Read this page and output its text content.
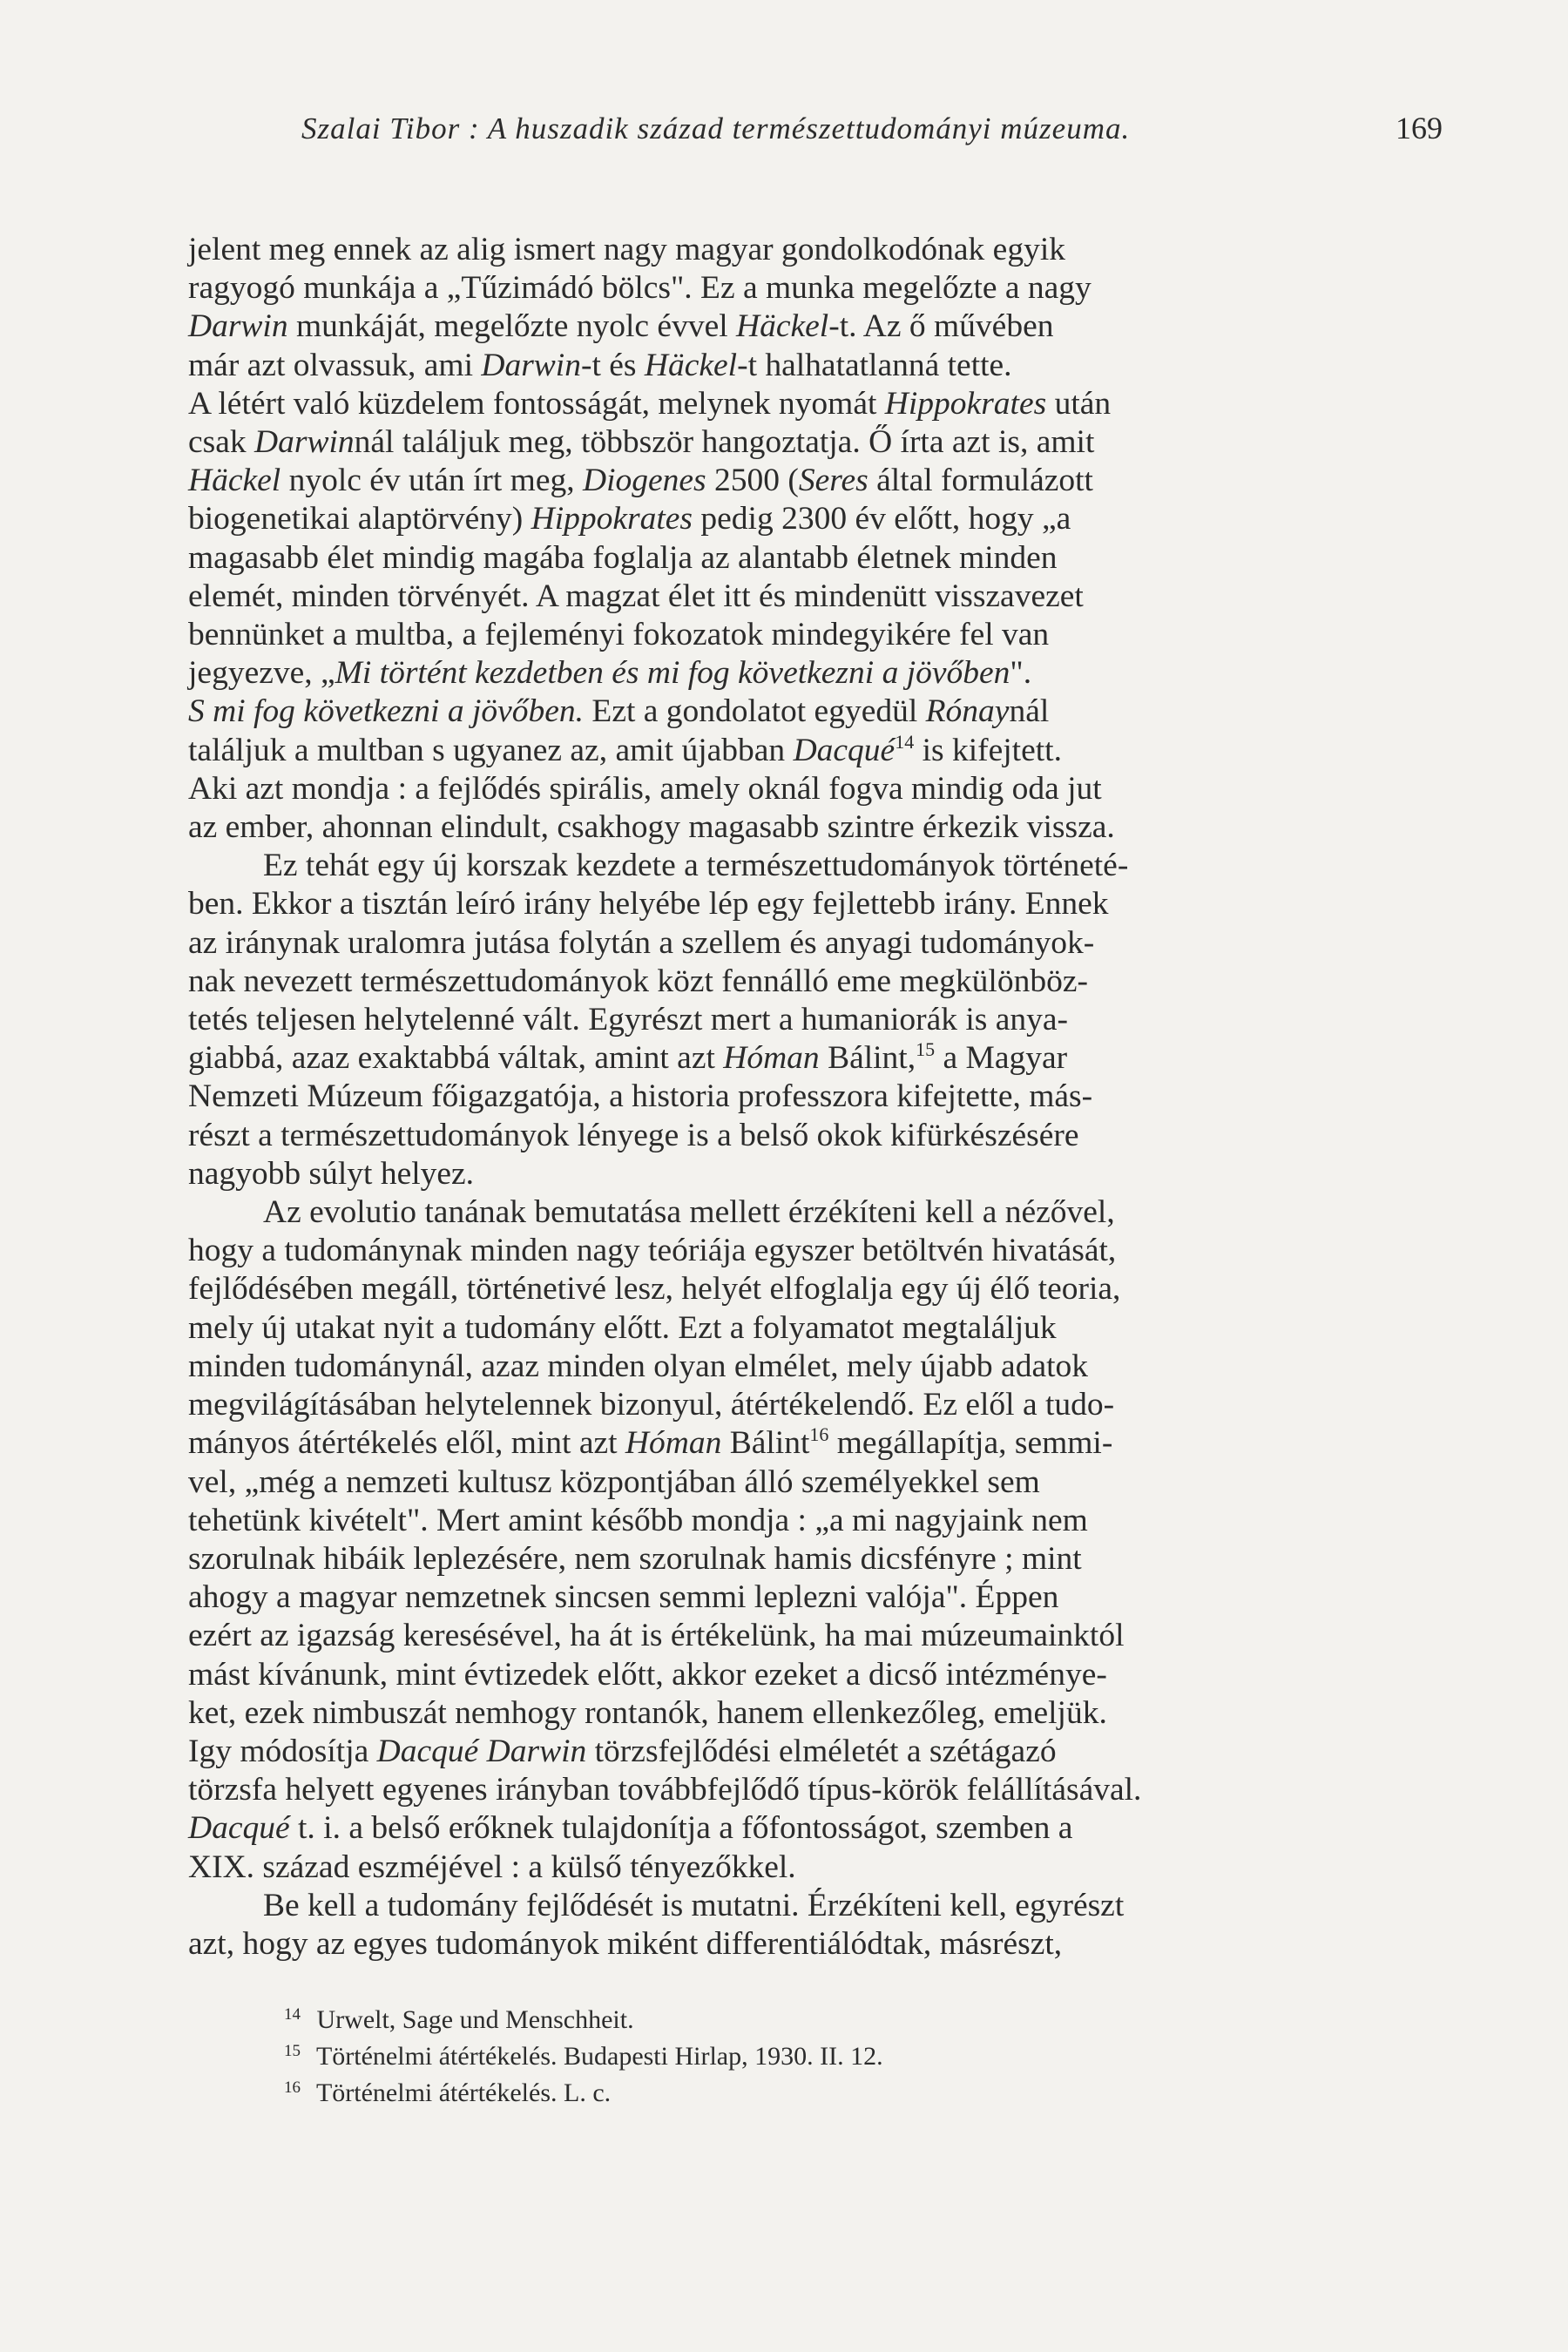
Szalai Tibor : A huszadik század természettudományi múzeuma.	169
jelent meg ennek az alig ismert nagy magyar gondolkodónak egyik
ragyogó munkája a „Tűzimádó bölcs". Ez a munka megelőzte a nagy
Darwin munkáját, megelőzte nyolc évvel Häckel-t. Az ő művében
már azt olvassuk, ami Darwin-t és Häckel-t halhatatlanná tette.
A létért való küzdelem fontosságát, melynek nyomát Hippokrates után
csak Darwinnál találjuk meg, többször hangoztatja. Ő írta azt is, amit
Häckel nyolc év után írt meg, Diogenes 2500 (Seres által formulázott
biogenetikai alaptörvény) Hippokrates pedig 2300 év előtt, hogy „a
magasabb élet mindig magába foglalja az alantabb életnek minden
elemét, minden törvényét. A magzat élet itt és mindenütt visszavezet
bennünket a multba, a fejleményi fokozatok mindegyikére fel van
jegyezve, „Mi történt kezdetben és mi fog következni a jövőben".
S mi fog következni a jövőben. Ezt a gondolatot egyedül Rónaynál
találjuk a multban s ugyanez az, amit újabban Dacqué$^{14}$ is kifejtett.
Aki azt mondja : a fejlődés spirális, amely oknál fogva mindig oda jut
az ember, ahonnan elindult, csakhogy magasabb szintre érkezik vissza.
Ez tehát egy új korszak kezdete a természettudományok történeté-
ben. Ekkor a tisztán leíró irány helyébe lép egy fejlettebb irány. Ennek
az iránynak uralomra jutása folytán a szellem és anyagi tudományok-
nak nevezett természettudományok közt fennálló eme megkülönböz-
tetés teljesen helytelenné vált. Egyrészt mert a humaniorák is anya-
giabbá, azaz exaktabbá váltak, amint azt Hóman Bálint,$^{15}$ a Magyar
Nemzeti Múzeum főigazgatója, a historia professzora kifejtette, más-
részt a természettudományok lényege is a belső okok kifürkészésére
nagyobb súlyt helyez.
Az evolutio tanának bemutatása mellett érzékíteni kell a nézővel,
hogy a tudománynak minden nagy teóriája egyszer betöltvén hivatását,
fejlődésében megáll, történetivé lesz, helyét elfoglalja egy új élő teoria,
mely új utakat nyit a tudomány előtt. Ezt a folyamatot megtaláljuk
minden tudománynál, azaz minden olyan elmélet, mely újabb adatok
megvilágításában helytelennek bizonyul, átértékelendő. Ez elől a tudo-
mányos átértékelés elől, mint azt Hóman Bálint$^{16}$ megállapítja, semmi-
vel, „még a nemzeti kultusz központjában álló személyekkel sem
tehetünk kivételt". Mert amint később mondja : „a mi nagyjaink nem
szorulnak hibáik leplezésére, nem szorulnak hamis dicsfényre ; mint
ahogy a magyar nemzetnek sincsen semmi leplezni valója". Éppen
ezért az igazság keresésével, ha át is értékelünk, ha mai múzeumainktól
mást kívánunk, mint évtizedek előtt, akkor ezeket a dicső intézménye-
ket, ezek nimbuszát nemhogy rontanók, hanem ellenkezőleg, emeljük.
Igy módosítja Dacqué Darwin törzsfejlődési elméletét a szétágazó
törzsfa helyett egyenes irányban továbbfejlődő típus-körök felállításával.
Dacqué t. i. a belső erőknek tulajdonítja a főfontosságot, szemben a
XIX. század eszméjével : a külső tényezőkkel.
Be kell a tudomány fejlődését is mutatni. Érzékíteni kell, egyrészt
azt, hogy az egyes tudományok miként differentiálódtak, másrészt,
14 Urwelt, Sage und Menschheit.
15 Történelmi átértékelés. Budapesti Hirlap, 1930. II. 12.
16 Történelmi átértékelés. L. c.
